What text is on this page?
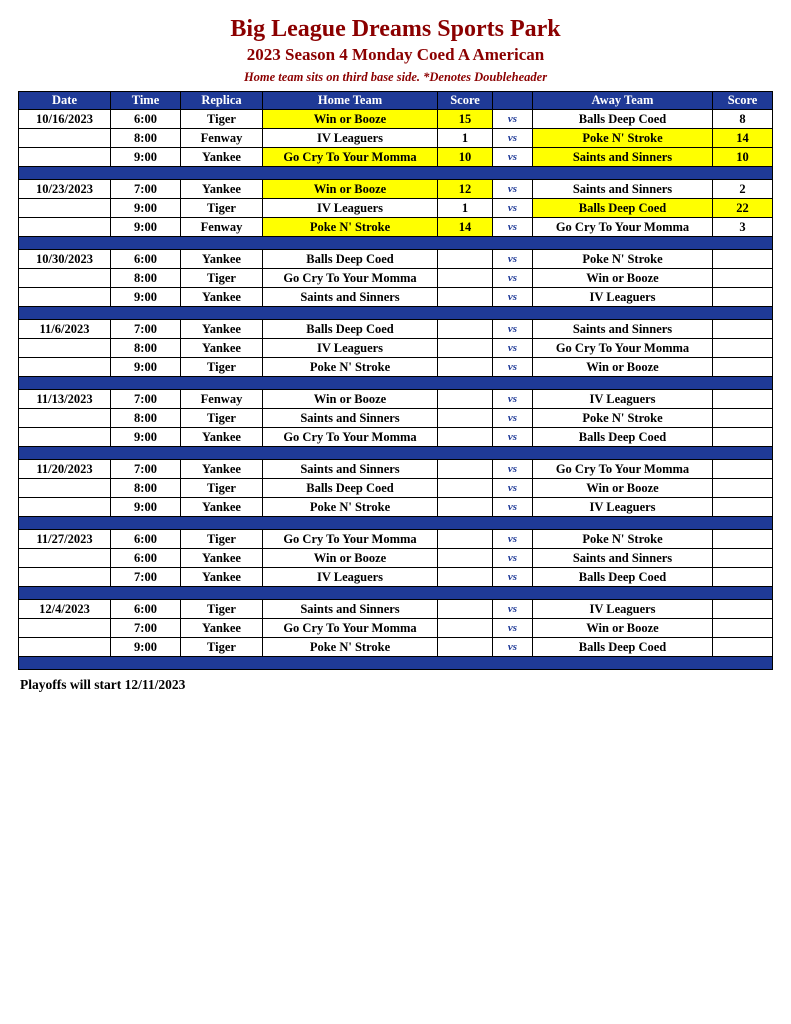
Big League Dreams Sports Park
2023 Season 4 Monday Coed A American
Home team sits on third base side. *Denotes Doubleheader
Date	Time	Replica	Home Team	Score		Away Team	Score
10/16/2023	6:00	Tiger	Win or Booze	15	vs	Balls Deep Coed	8
	8:00	Fenway	IV Leaguers	1	vs	Poke N' Stroke	14
	9:00	Yankee	Go Cry To Your Momma	10	vs	Saints and Sinners	10

10/23/2023	7:00	Yankee	Win or Booze	12	vs	Saints and Sinners	2
	9:00	Tiger	IV Leaguers	1	vs	Balls Deep Coed	22
	9:00	Fenway	Poke N' Stroke	14	vs	Go Cry To Your Momma	3

10/30/2023	6:00	Yankee	Balls Deep Coed		vs	Poke N' Stroke	
	8:00	Tiger	Go Cry To Your Momma		vs	Win or Booze	
	9:00	Yankee	Saints and Sinners		vs	IV Leaguers	

11/6/2023	7:00	Yankee	Balls Deep Coed		vs	Saints and Sinners	
	8:00	Yankee	IV Leaguers		vs	Go Cry To Your Momma	
	9:00	Tiger	Poke N' Stroke		vs	Win or Booze	

11/13/2023	7:00	Fenway	Win or Booze		vs	IV Leaguers	
	8:00	Tiger	Saints and Sinners		vs	Poke N' Stroke	
	9:00	Yankee	Go Cry To Your Momma		vs	Balls Deep Coed	

11/20/2023	7:00	Yankee	Saints and Sinners		vs	Go Cry To Your Momma	
	8:00	Tiger	Balls Deep Coed		vs	Win or Booze	
	9:00	Yankee	Poke N' Stroke		vs	IV Leaguers	

11/27/2023	6:00	Tiger	Go Cry To Your Momma		vs	Poke N' Stroke	
	6:00	Yankee	Win or Booze		vs	Saints and Sinners	
	7:00	Yankee	IV Leaguers		vs	Balls Deep Coed	

12/4/2023	6:00	Tiger	Saints and Sinners		vs	IV Leaguers	
	7:00	Yankee	Go Cry To Your Momma		vs	Win or Booze	
	9:00	Tiger	Poke N' Stroke		vs	Balls Deep Coed	

Playoffs will start 12/11/2023
